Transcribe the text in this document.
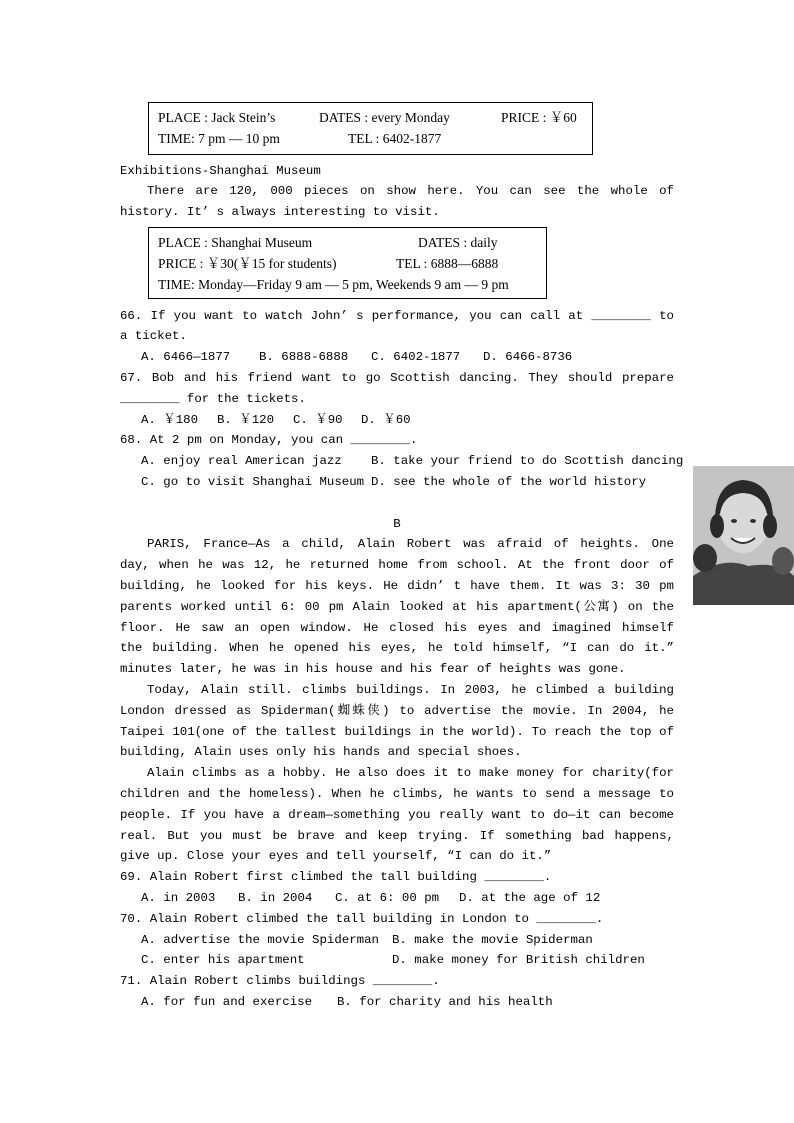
PLACE : Jack Stein’s	DATES : every Monday	PRICE : ￥60
TIME: 7 pm — 10 pm	TEL : 6402-1877
Exhibitions-Shanghai Museum
There are 120, 000 pieces on show here. You can see the whole of
history. It’ s always interesting to visit.
PLACE : Shanghai Museum	DATES : daily
PRICE : ￥30(￥15 for students)	TEL : 6888—6888
TIME: Monday—Friday 9 am — 5 pm, Weekends 9 am — 9 pm
66. If you want to watch John’ s performance, you can call at ________ to
a ticket.
A. 6466—1877 B. 6888-6888 C. 6402-1877 D. 6466-8736
67. Bob and his friend want to go Scottish dancing. They should prepare
________ for the tickets.
A. ￥180 B. ￥120 C. ￥90 D. ￥60
68. At 2 pm on Monday, you can ________.
A. enjoy real American jazz B. take your friend to do Scottish dancing
C. go to visit Shanghai Museum D. see the whole of the world history
B
PARIS, France—As a child, Alain Robert was afraid of heights. One
day, when he was 12, he returned home from school. At the front door of
building, he looked for his keys. He didn’ t have them. It was 3: 30 pm
parents worked until 6: 00 pm Alain looked at his apartment(公寓) on the
floor. He saw an open window. He closed his eyes and imagined himself
the building. When he opened his eyes, he told himself, “I can do it.”
minutes later, he was in his house and his fear of heights was gone.
Today, Alain still. climbs buildings. In 2003, he climbed a building
London dressed as Spiderman(蜘蛛侠) to advertise the movie. In 2004, he
Taipei 101(one of the tallest buildings in the world). To reach the top of
building, Alain uses only his hands and special shoes.
Alain climbs as a hobby. He also does it to make money for charity(for
children and the homeless). When he climbs, he wants to send a message to
people. If you have a dream—something you really want to do—it can become
real. But you must be brave and keep trying. If something bad happens,
give up. Close your eyes and tell yourself, “I can do it.”
69. Alain Robert first climbed the tall building ________.
A. in 2003 B. in 2004 C. at 6: 00 pm D. at the age of 12
70. Alain Robert climbed the tall building in London to ________.
A. advertise the movie Spiderman B. make the movie Spiderman
C. enter his apartment	D. make money for British children
71. Alain Robert climbs buildings ________.
A. for fun and exercise B. for charity and his health
